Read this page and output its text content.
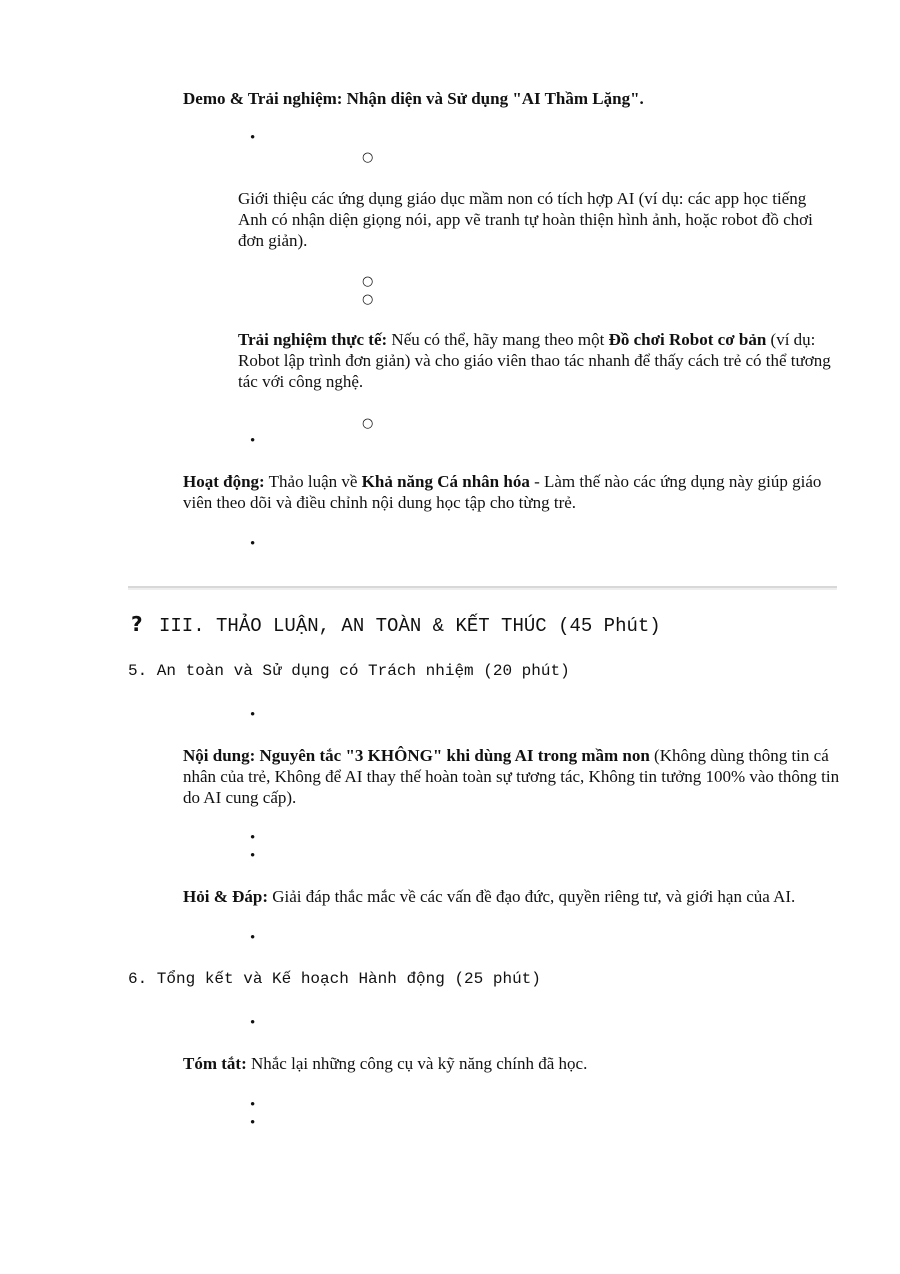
Demo & Trải nghiệm: Nhận diện và Sử dụng "AI Thầm Lặng".
•
○
Giới thiệu các ứng dụng giáo dục mầm non có tích hợp AI (ví dụ: các app học tiếng Anh có nhận diện giọng nói, app vẽ tranh tự hoàn thiện hình ảnh, hoặc robot đồ chơi đơn giản).
○
○
Trải nghiệm thực tế: Nếu có thể, hãy mang theo một Đồ chơi Robot cơ bản (ví dụ: Robot lập trình đơn giản) và cho giáo viên thao tác nhanh để thấy cách trẻ có thể tương tác với công nghệ.
○
•
Hoạt động: Thảo luận về Khả năng Cá nhân hóa - Làm thế nào các ứng dụng này giúp giáo viên theo dõi và điều chỉnh nội dung học tập cho từng trẻ.
•
? III. THẢO LUẬN, AN TOÀN & KẾT THÚC (45 Phút)
5. An toàn và Sử dụng có Trách nhiệm (20 phút)
•
Nội dung: Nguyên tắc "3 KHÔNG" khi dùng AI trong mầm non (Không dùng thông tin cá nhân của trẻ, Không để AI thay thế hoàn toàn sự tương tác, Không tin tưởng 100% vào thông tin do AI cung cấp).
•
•
Hỏi & Đáp: Giải đáp thắc mắc về các vấn đề đạo đức, quyền riêng tư, và giới hạn của AI.
•
6. Tổng kết và Kế hoạch Hành động (25 phút)
•
Tóm tắt: Nhắc lại những công cụ và kỹ năng chính đã học.
•
•
